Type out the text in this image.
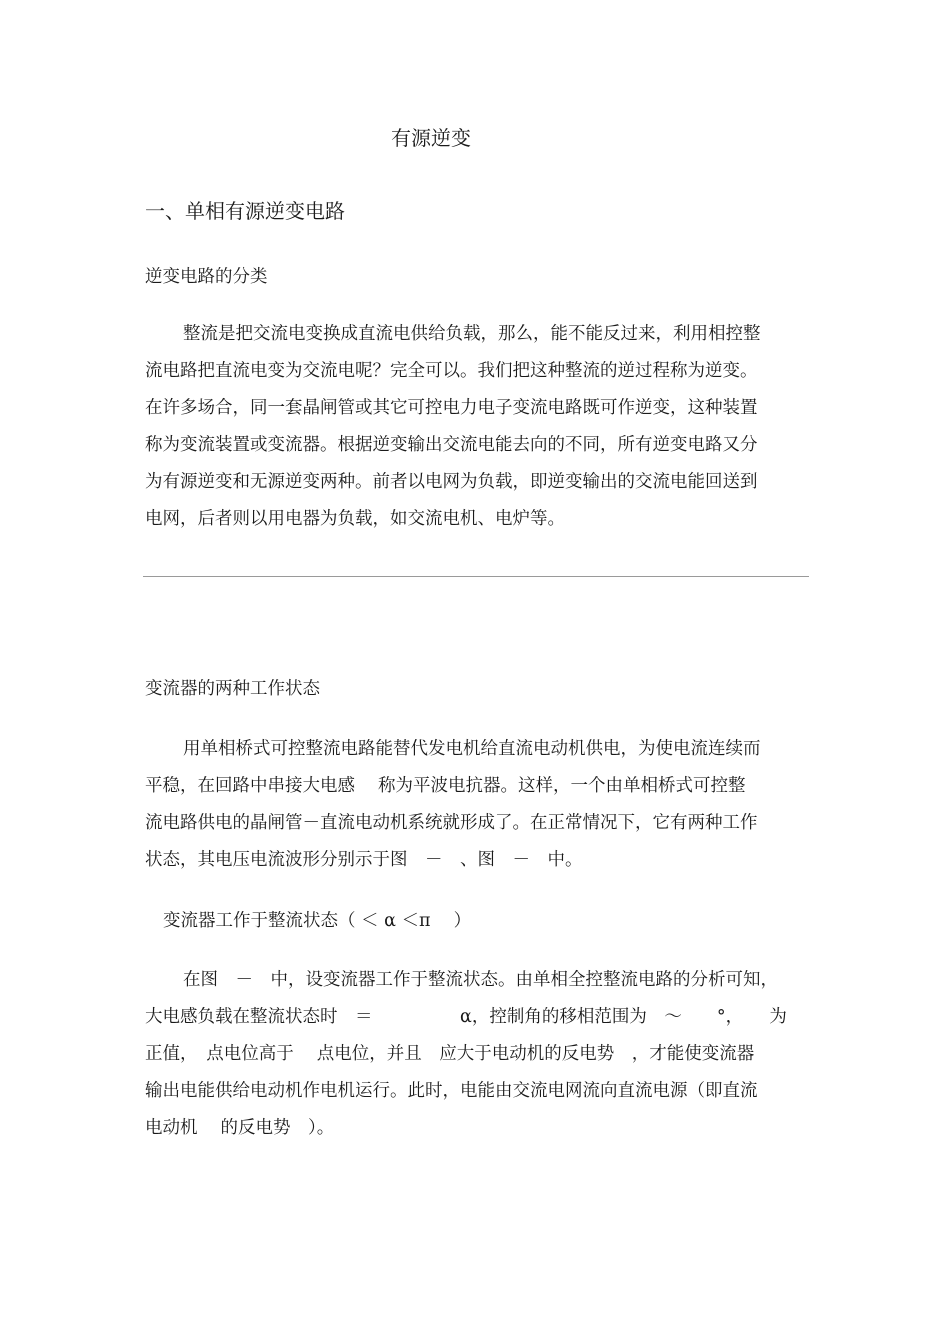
有源逆变
一、单相有源逆变电路
逆变电路的分类
整流是把交流电变换成直流电供给负载，那么，能不能反过来，利用相控整
流电路把直流电变为交流电呢？完全可以。我们把这种整流的逆过程称为逆变。
在许多场合，同一套晶闸管或其它可控电力电子变流电路既可作逆变，这种装置
称为变流装置或变流器。根据逆变输出交流电能去向的不同，所有逆变电路又分
为有源逆变和无源逆变两种。前者以电网为负载，即逆变输出的交流电能回送到
电网，后者则以用电器为负载，如交流电机、电炉等。
变流器的两种工作状态
用单相桥式可控整流电路能替代发电机给直流电动机供电，为使电流连续而
平稳，在回路中串接大电感　 称为平波电抗器。这样，一个由单相桥式可控整
流电路供电的晶闸管－直流电动机系统就形成了。在正常情况下，它有两种工作
状态，其电压电流波形分别示于图　－　、图　－　中。
变流器工作于整流状态（ ＜ α ＜π　 ）
在图　－　中，设变流器工作于整流状态。由单相全控整流电路的分析可知，
大电感负载在整流状态时　＝　　　　　α，控制角的移相范围为　～　　°，　　为
正值，　点电位高于　 点电位，并且　应大于电动机的反电势　，才能使变流器
输出电能供给电动机作电机运行。此时，电能由交流电网流向直流电源（即直流
电动机　 的反电势　）。
